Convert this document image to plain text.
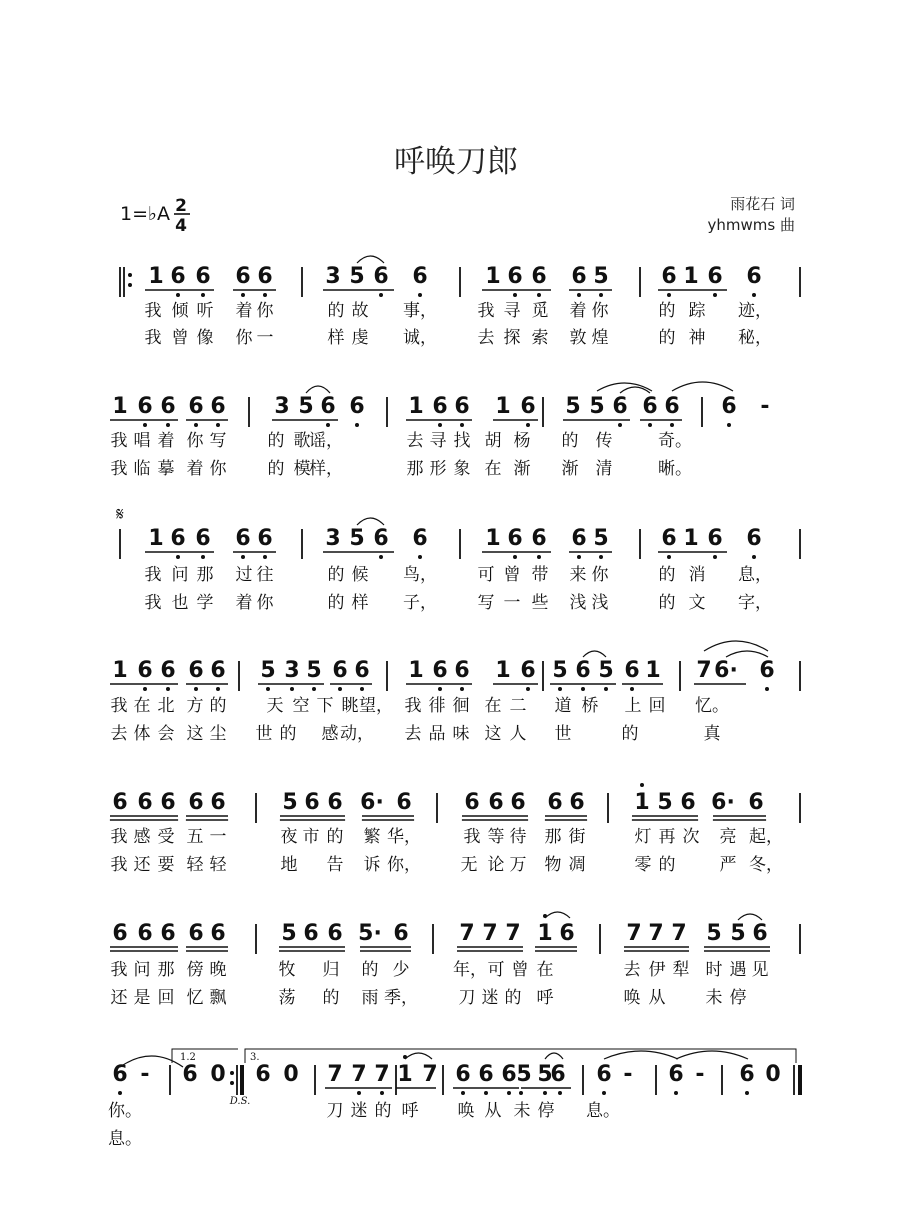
呼唤刀郎
1=♭A 2
4
雨花石 词
yhmwms 曲
1 6 6 6 6 3 5 6 6	1 6 6 6 5 6 1 6 6
我 倾 听 着 你	的 故 事， 我 寻 觅 着 你	的 踪 迹，
我 曾 像 你 一	样 虔 诚， 去 探 索 敦 煌	的 神 秘，
1 6 6 6 6 3 5 6 6 1 6 6 1 6 5 5 6 6 6 6 -
我 唱 着 你 写 的 歌
谣，	去 寻 找 胡 杨 的 传	奇。
我 临 摹 着 你 的 模
样，	那 形 象 在 渐 渐 清	晰。
𝄋
1 6 6 6 6 3 5 6 6	1 6 6 6 5 6 1 6 6
我 问 那 过 往	的 候 鸟， 可 曾 带 来 你	的 消 息，
我 也 学 着 你	的 样 子， 写 一 些 浅 浅	的 文 字，
1 6 6 6 6 5 3 5 6 6 1 6 6 1 6 5 6 5 6 1 7 6· 6
我 在 北 方 的 天 空 下 眺 望， 我 徘 徊 在 二 道 桥 上 回 忆。
去 体 会 这 尘 世 的 感 动， 去 品 味 这 人 世	的	真
6 6 6 6 6	5 6 6 6· 6 6 6 6 6 6 1 5 6 6· 6
我 感 受 五 一	夜 市 的 繁 华，	我 等 待 那 街	灯 再 次 亮 起，
我 还 要 轻 轻	地 告 诉 你， 无 论 万 物 凋	零 的	严 冬，
6 6 6 6 6	5 6 6 5· 6 7 7 7 1 6 7 7 7 5 5 6
我 问 那 傍 晚	牧 归 的 少	年， 可 曾 在	去 伊 犁 时 遇 见
还 是 回 忆 飘	荡 的 雨 季， 刀 迷 的 呼	唤 从 未 停
6 - 6 0 6 0 7 7 7 1 7 6 6 6 5 5
6 6 - 6 - 6 0
1.2	3.
D.S.
你。	刀 迷 的 呼 唤 从 未 停 息。
息。
